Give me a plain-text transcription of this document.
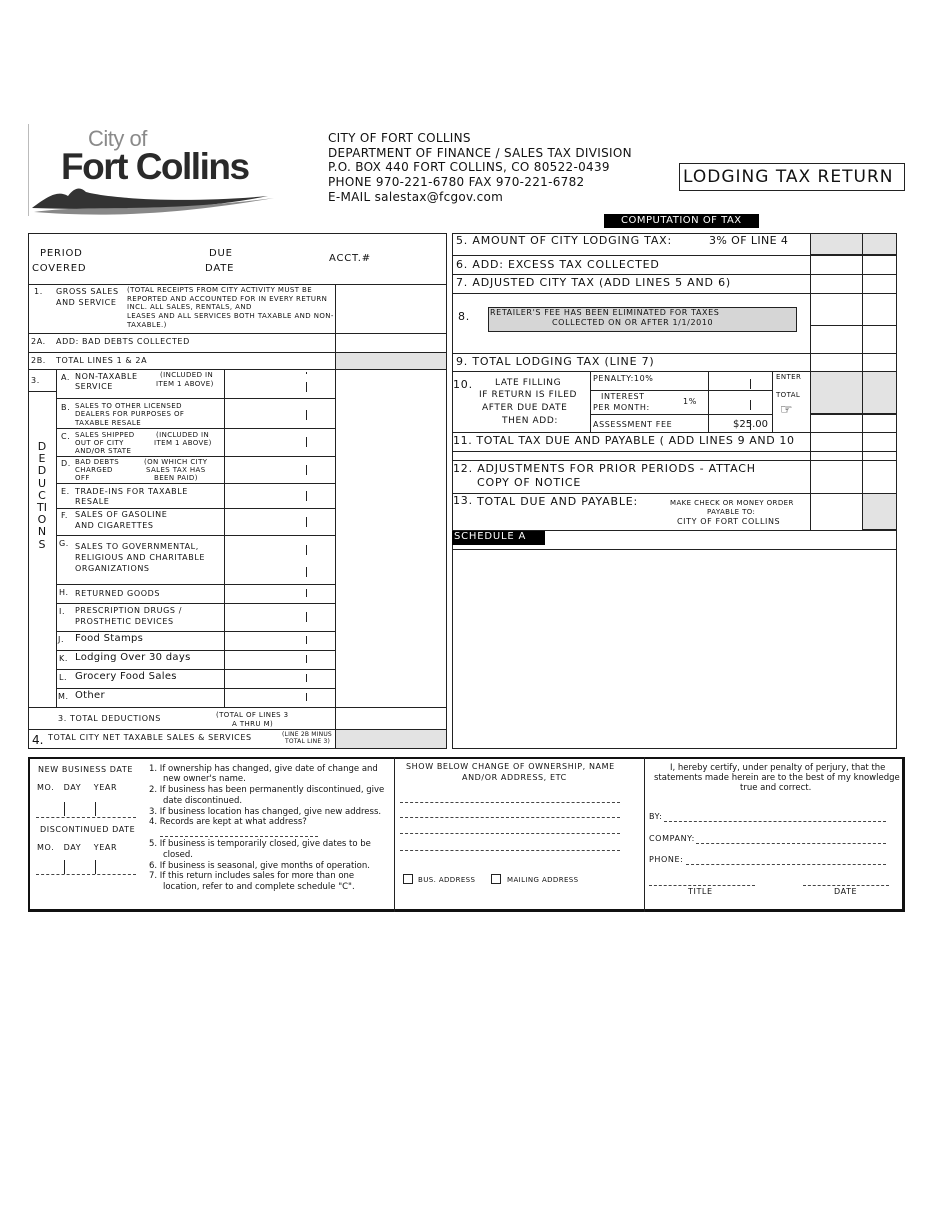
City of
Fort Collins
CITY OF FORT COLLINS
DEPARTMENT OF FINANCE / SALES TAX DIVISION
P.O. BOX 440 FORT COLLINS, CO 80522-0439
PHONE 970-221-6780 FAX 970-221-6782
E-MAIL salestax@fcgov.com
LODGING TAX RETURN
COMPUTATION OF TAX
PERIOD
COVERED
DUE
DATE
ACCT.#
1. GROSS SALES
AND SERVICE
(TOTAL RECEIPTS FROM CITY ACTIVITY MUST BE
REPORTED AND ACCOUNTED FOR IN EVERY RETURN
INCL. ALL SALES, RENTALS, AND
LEASES AND ALL SERVICES BOTH TAXABLE AND NON-
TAXABLE.)
2A. ADD: BAD DEBTS COLLECTED
2B. TOTAL LINES 1 & 2A
3.
DEDUCTIONS
A. NON-TAXABLE
SERVICE
(INCLUDED IN
ITEM 1 ABOVE)
B. SALES TO OTHER LICENSED
DEALERS FOR PURPOSES OF
TAXABLE RESALE
C. SALES SHIPPED
OUT OF CITY
AND/OR STATE
(INCLUDED IN
ITEM 1 ABOVE)
D. BAD DEBTS
CHARGED
OFF
(ON WHICH CITY
SALES TAX HAS
BEEN PAID)
E. TRADE-INS FOR TAXABLE
RESALE
F. SALES OF GASOLINE
AND CIGARETTES
G. SALES TO GOVERNMENTAL,
RELIGIOUS AND CHARITABLE
ORGANIZATIONS
H. RETURNED GOODS
I. PRESCRIPTION DRUGS /
PROSTHETIC DEVICES
J. Food Stamps
K. Lodging Over 30 days
L. Grocery Food Sales
M. Other
3. TOTAL DEDUCTIONS	(TOTAL OF LINES 3
A THRU M)
4. TOTAL CITY NET TAXABLE SALES & SERVICES	(LINE 2B MINUS
TOTAL LINE 3)
5. AMOUNT OF CITY LODGING TAX:	3% OF LINE 4
6. ADD: EXCESS TAX COLLECTED
7. ADJUSTED CITY TAX (ADD LINES 5 AND 6)
8. RETAILER'S FEE HAS BEEN ELIMINATED FOR TAXES
COLLECTED ON OR AFTER 1/1/2010
9. TOTAL LODGING TAX (LINE 7)
10. LATE FILLING
IF RETURN IS FILED
AFTER DUE DATE
THEN ADD:
PENALTY:10%
INTEREST
PER MONTH:
1%
ASSESSMENT FEE	$25.00
ENTER
TOTAL
☞
11. TOTAL TAX DUE AND PAYABLE ( ADD LINES 9 AND 10
12. ADJUSTMENTS FOR PRIOR PERIODS - ATTACH
COPY OF NOTICE
13. TOTAL DUE AND PAYABLE:	MAKE CHECK OR MONEY ORDER
PAYABLE TO:
CITY OF FORT COLLINS
SCHEDULE A
NEW BUSINESS DATE
MO.   DAY    YEAR
DISCONTINUED DATE
MO.   DAY    YEAR
1. If ownership has changed, give date of change and
new owner's name.
2. If business has been permanently discontinued, give
date discontinued.
3. If business location has changed, give new address.
4. Records are kept at what address?
5. If business is temporarily closed, give dates to be
closed.
6. If business is seasonal, give months of operation.
7. If this return includes sales for more than one
location, refer to and complete schedule "C".
SHOW BELOW CHANGE OF OWNERSHIP, NAME
AND/OR ADDRESS, ETC
BUS. ADDRESS	MAILING ADDRESS
I, hereby certify, under penalty of perjury, that the
statements made herein are to the best of my knowledge
true and correct.
BY:
COMPANY:
PHONE:
TITLE	DATE
